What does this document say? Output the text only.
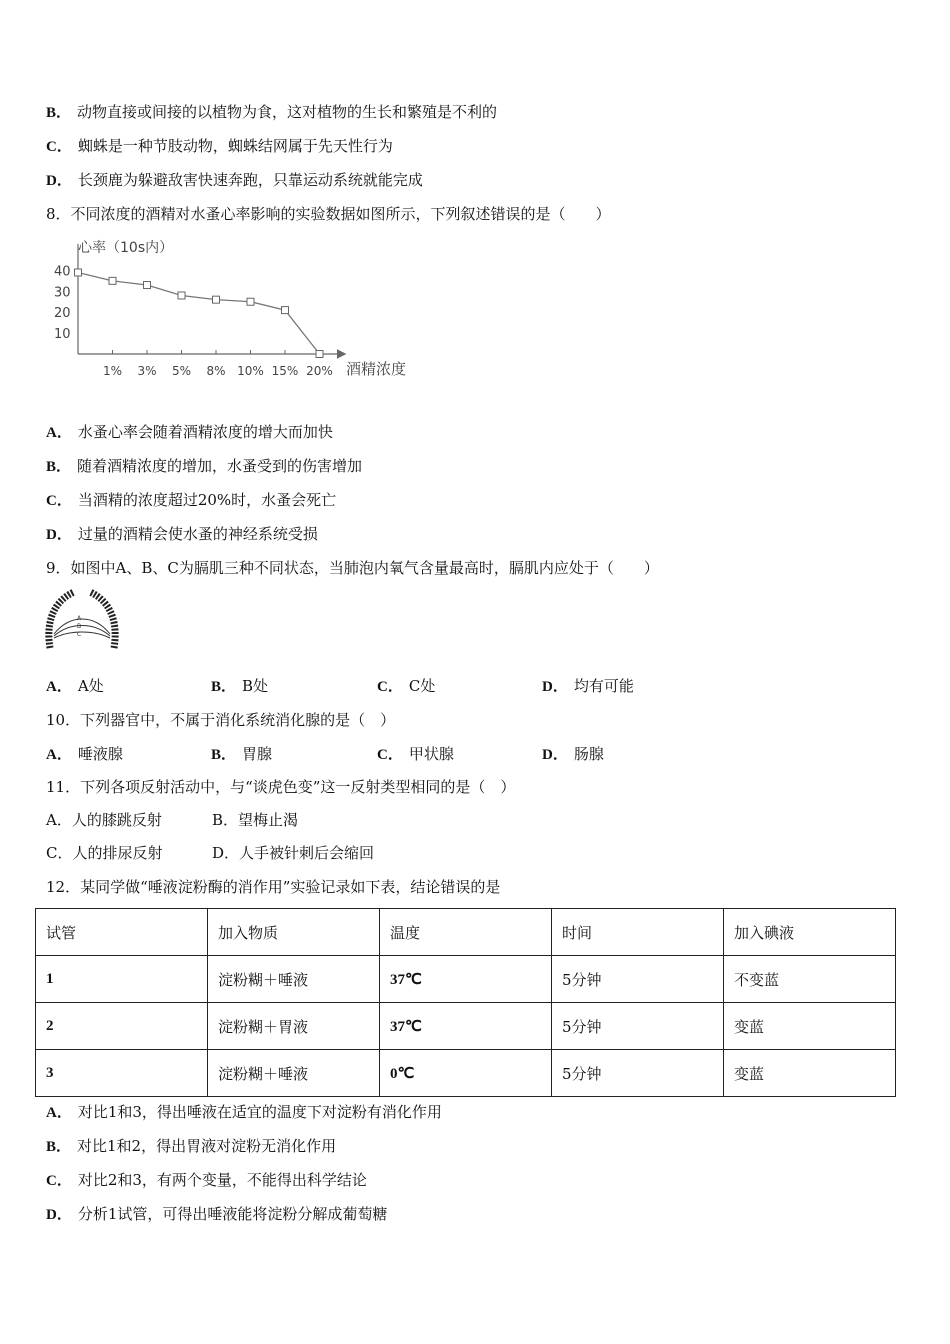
B． 动物直接或间接的以植物为食，这对植物的生长和繁殖是不利的
C． 蜘蛛是一种节肢动物，蜘蛛结网属于先天性行为
D． 长颈鹿为躲避敌害快速奔跑，只靠运动系统就能完成
8．不同浓度的酒精对水蚤心率影响的实验数据如图所示，下列叙述错误的是（　　）
心率（10s内）
酒精浓度
10
20
30
40
1% 3% 5% 8% 10% 15% 20%
A． 水蚤心率会随着酒精浓度的增大而加快
B． 随着酒精浓度的增加，水蚤受到的伤害增加
C． 当酒精的浓度超过20%时，水蚤会死亡
D． 过量的酒精会使水蚤的神经系统受损
9．如图中A、B、C为膈肌三种不同状态，当肺泡内氧气含量最高时，膈肌内应处于（　　）
A
B
C
A． A处	B． B处	C． C处	D． 均有可能
10．下列器官中，不属于消化系统消化腺的是（　）
A． 唾液腺	B． 胃腺	C． 甲状腺	D． 肠腺
11．下列各项反射活动中，与“谈虎色变”这一反射类型相同的是（　）
A．人的膝跳反射	B．望梅止渴
C．人的排尿反射	D．人手被针刺后会缩回
12．某同学做“唾液淀粉酶的消作用”实验记录如下表，结论错误的是
试管	加入物质	温度	时间	加入碘液
1	淀粉糊＋唾液	37℃	5分钟	不变蓝
2	淀粉糊＋胃液	37℃	5分钟	变蓝
3	淀粉糊＋唾液	0℃	5分钟	变蓝
A． 对比1和3，得出唾液在适宜的温度下对淀粉有消化作用
B． 对比1和2，得出胃液对淀粉无消化作用
C． 对比2和3，有两个变量，不能得出科学结论
D． 分析1试管，可得出唾液能将淀粉分解成葡萄糖
